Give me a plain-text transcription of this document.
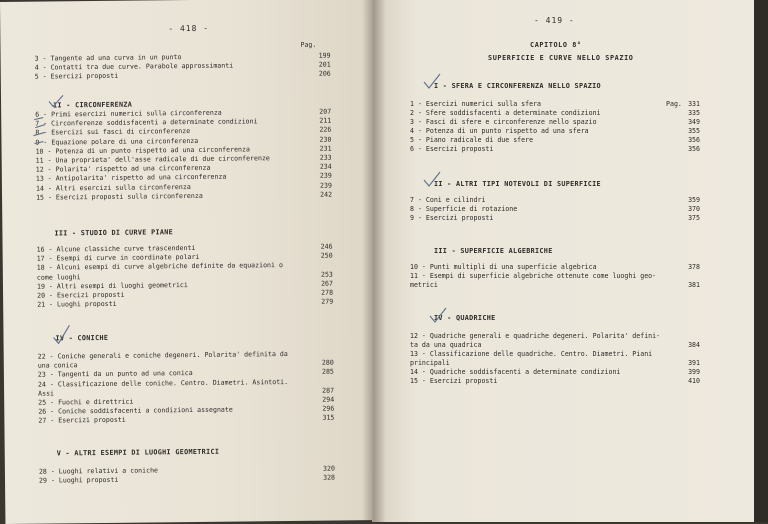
- 418 -
Pag.
3 - Tangente ad una curva in un punto	199
4 - Contatti tra due curve. Parabole approssimanti	201
5 - Esercizi proposti	206
II - CIRCONFERENZA
6 - Primi esercizi numerici sulla circonferenza	207
7 - Circonferenze soddisfacenti a determinate condizioni	211
8 - Esercizi sui fasci di circonferenze	226
9 - Equazione polare di una circonferenza	230
10 - Potenza di un punto rispetto ad una circonferenza	231
11 - Una proprieta' dell'asse radicale di due circonferenze	233
12 - Polarita' rispetto ad una circonferenza	234
13 - Antipolarita' rispetto ad una circonferenza	239
14 - Altri esercizi sulla circonferenza	239
15 - Esercizi proposti sulla circonferenza	242
III - STUDIO DI CURVE PIANE
16 - Alcune classiche curve trascendenti	246
17 - Esempi di curve in coordinate polari	250
18 - Alcuni esempi di curve algebriche definite da equazioni o
come luoghi	253
19 - Altri esempi di luoghi geometrici	267
20 - Esercizi proposti	278
21 - Luoghi proposti	279
IV - CONICHE
22 - Coniche generali e coniche degeneri. Polarita' definita da
una conica	280
23 - Tangenti da un punto ad una conica	285
24 - Classificazione delle coniche. Centro. Diametri. Asintoti.
Assi	287
25 - Fuochi e direttrici	294
26 - Coniche soddisfacenti a condizioni assegnate	296
27 - Esercizi proposti	315
V - ALTRI ESEMPI DI LUOGHI GEOMETRICI
28 - Luoghi relativi a coniche	320
29 - Luoghi proposti	328
- 419 -
CAPITOLO 8°
SUPERFICIE E CURVE NELLO SPAZIO
Pag.
I - SFERA E CIRCONFERENZA NELLO SPAZIO
1 - Esercizi numerici sulla sfera	331
2 - Sfere soddisfacenti a determinate condizioni	335
3 - Fasci di sfere e circonferenze nello spazio	349
4 - Potenza di un punto rispetto ad una sfera	355
5 - Piano radicale di due sfere	356
6 - Esercizi proposti	356
II - ALTRI TIPI NOTEVOLI DI SUPERFICIE
7 - Coni e cilindri	359
8 - Superficie di rotazione	370
9 - Esercizi proposti	375
III - SUPERFICIE ALGEBRICHE
10 - Punti multipli di una superficie algebrica	378
11 - Esempi di superficie algebriche ottenute come luoghi geo-
metrici	381
IV - QUADRICHE
12 - Quadriche generali e quadriche degeneri. Polarita' defini-
ta da una quadrica	384
13 - Classificazione delle quadriche. Centro. Diametri. Piani
principali	391
14 - Quadriche soddisfacenti a determinate condizioni	399
15 - Esercizi proposti	410
